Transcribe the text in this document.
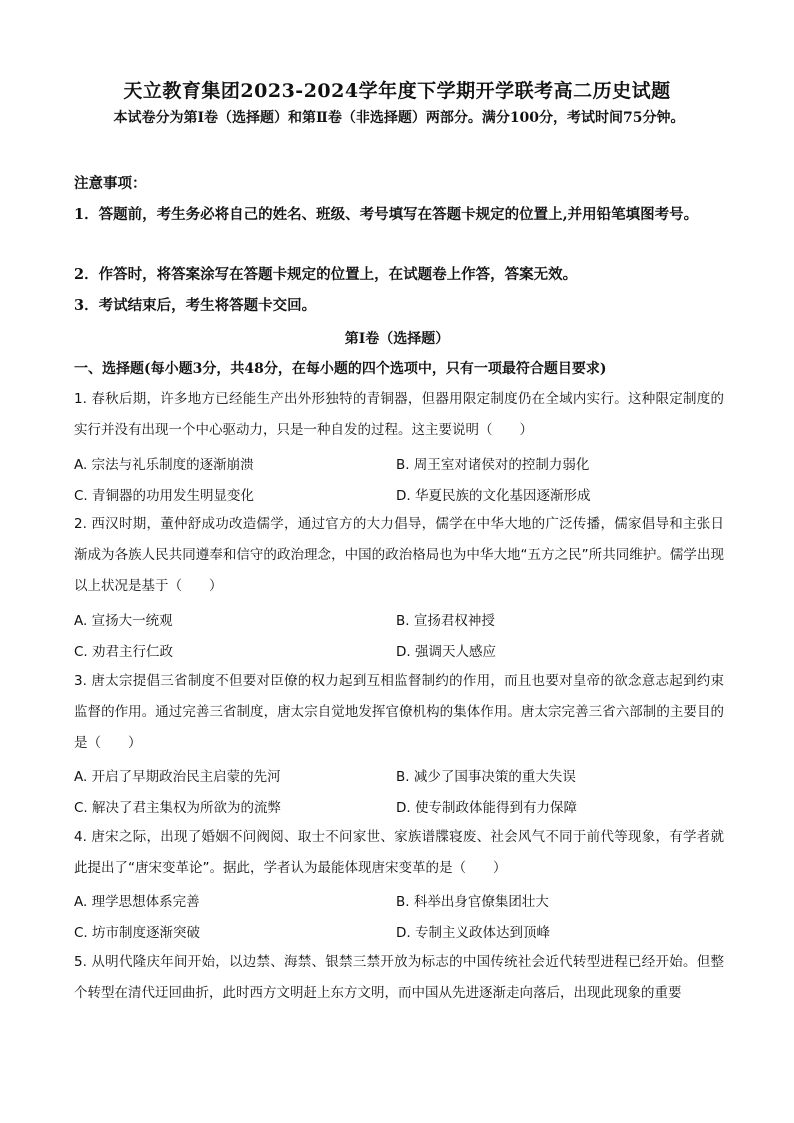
天立教育集团2023-2024学年度下学期开学联考高二历史试题
本试卷分为第Ⅰ卷（选择题）和第Ⅱ卷（非选择题）两部分。满分100分，考试时间75分钟。
注意事项：
1．答题前，考生务必将自己的姓名、班级、考号填写在答题卡规定的位置上,并用铅笔填图考号。
2．作答时，将答案涂写在答题卡规定的位置上，在试题卷上作答，答案无效。
3．考试结束后，考生将答题卡交回。
第Ⅰ卷（选择题）
一、选择题(每小题3分，共48分，在每小题的四个选项中，只有一项最符合题目要求)
1. 春秋后期，许多地方已经能生产出外形独特的青铜器，但器用限定制度仍在全域内实行。这种限定制度的实行并没有出现一个中心驱动力，只是一种自发的过程。这主要说明（　　）
A. 宗法与礼乐制度的逐渐崩溃	B. 周王室对诸侯对的控制力弱化
C. 青铜器的功用发生明显变化	D. 华夏民族的文化基因逐渐形成
2. 西汉时期，董仲舒成功改造儒学，通过官方的大力倡导，儒学在中华大地的广泛传播，儒家倡导和主张日渐成为各族人民共同遵奉和信守的政治理念，中国的政治格局也为中华大地“五方之民”所共同维护。儒学出现以上状况是基于（　　）
A. 宣扬大一统观	B. 宣扬君权神授
C. 劝君主行仁政	D. 强调天人感应
3. 唐太宗提倡三省制度不但要对臣僚的权力起到互相监督制约的作用，而且也要对皇帝的欲念意志起到约束监督的作用。通过完善三省制度，唐太宗自觉地发挥官僚机构的集体作用。唐太宗完善三省六部制的主要目的是（　　）
A. 开启了早期政治民主启蒙的先河	B. 减少了国事决策的重大失误
C. 解决了君主集权为所欲为的流弊	D. 使专制政体能得到有力保障
4. 唐宋之际，出现了婚姻不问阀阅、取士不问家世、家族谱牒寝废、社会风气不同于前代等现象，有学者就此提出了“唐宋变革论”。据此，学者认为最能体现唐宋变革的是（　　）
A. 理学思想体系完善	B. 科举出身官僚集团壮大
C. 坊市制度逐渐突破	D. 专制主义政体达到顶峰
5. 从明代隆庆年间开始，以边禁、海禁、银禁三禁开放为标志的中国传统社会近代转型进程已经开始。但整个转型在清代迂回曲折，此时西方文明赶上东方文明，而中国从先进逐渐走向落后，出现此现象的重要
